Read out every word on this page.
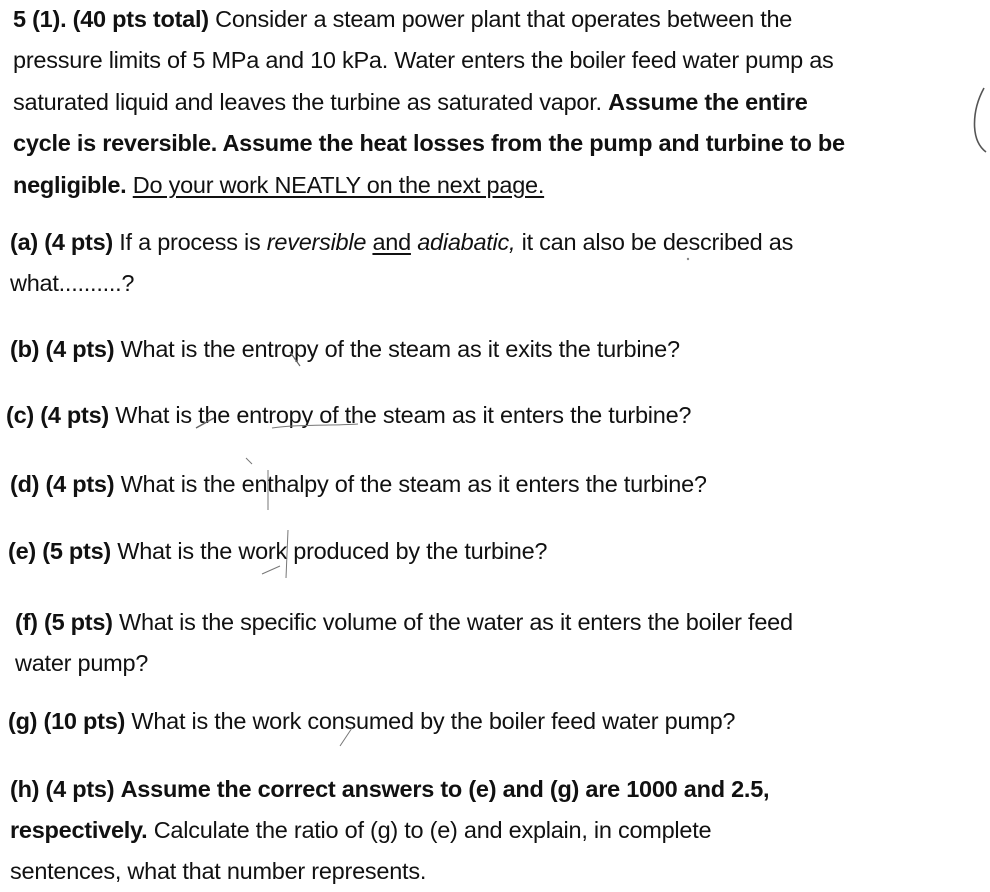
5 (1). (40 pts total) Consider a steam power plant that operates between the
pressure limits of 5 MPa and 10 kPa. Water enters the boiler feed water pump as
saturated liquid and leaves the turbine as saturated vapor. Assume the entire
cycle is reversible. Assume the heat losses from the pump and turbine to be
negligible. Do your work NEATLY on the next page.
(a) (4 pts) If a process is reversible and adiabatic, it can also be described as
what..........?
(b) (4 pts) What is the entropy of the steam as it exits the turbine?
(c) (4 pts) What is the entropy of the steam as it enters the turbine?
(d) (4 pts) What is the enthalpy of the steam as it enters the turbine?
(e) (5 pts) What is the work produced by the turbine?
(f) (5 pts) What is the specific volume of the water as it enters the boiler feed
water pump?
(g) (10 pts) What is the work consumed by the boiler feed water pump?
(h) (4 pts) Assume the correct answers to (e) and (g) are 1000 and 2.5,
respectively. Calculate the ratio of (g) to (e) and explain, in complete
sentences, what that number represents.
